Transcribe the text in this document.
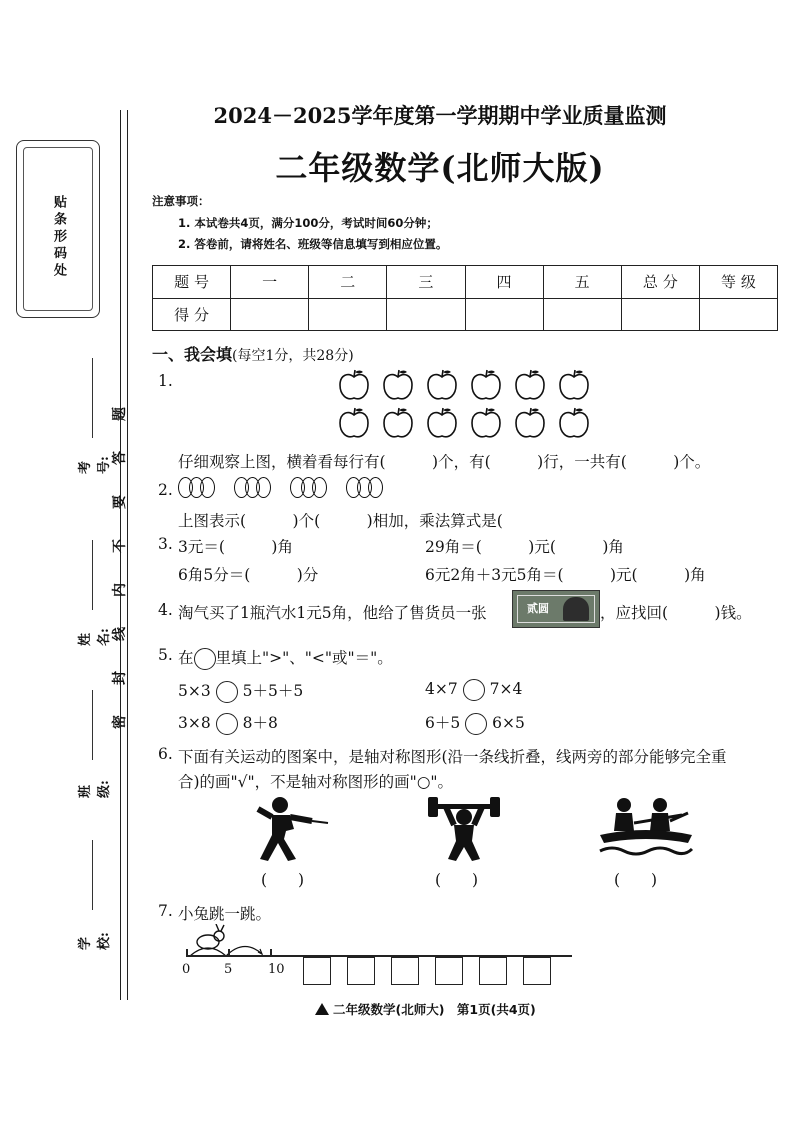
贴条形码处
考号:
姓名:
班级:
学校:
题
答
要
不
内
线
封
密
2024－2025学年度第一学期期中学业质量监测
二年级数学(北师大版)
注意事项：
1. 本试卷共4页，满分100分，考试时间60分钟；
2. 答卷前，请将姓名、班级等信息填写到相应位置。
题 号	一	二	三	四	五	总 分	等 级
得 分							
一、我会填(每空1分，共28分)
1.
仔细观察上图，横着看每行有(　　　)个，有(　　　)行，一共有(　　　)个。
2.

上图表示(　　　)个(　　　)相加，乘法算式是(
3. 3元＝(　　　)角	29角＝(　　　)元(　　　)角
6角5分＝(　　　)分	6元2角＋3元5角＝(　　　)元(　　　)角
4. 淘气买了1瓶汽水1元5角，他给了售货员一张	贰圆	，应找回(　　　)钱。
5. 在 里填上">"、"<"或"＝"。
5×3 5＋5＋5	4×7 7×4
3×8 8＋8	6＋5 6×5
6. 下面有关运动的图案中，是轴对称图形(沿一条线折叠，线两旁的部分能够完全重
合)的画"√"，不是轴对称图形的画"○"。
(　　)	(　　)	(　　)
7. 小兔跳一跳。
0	5	10
二年级数学(北师大)　第1页(共4页)
